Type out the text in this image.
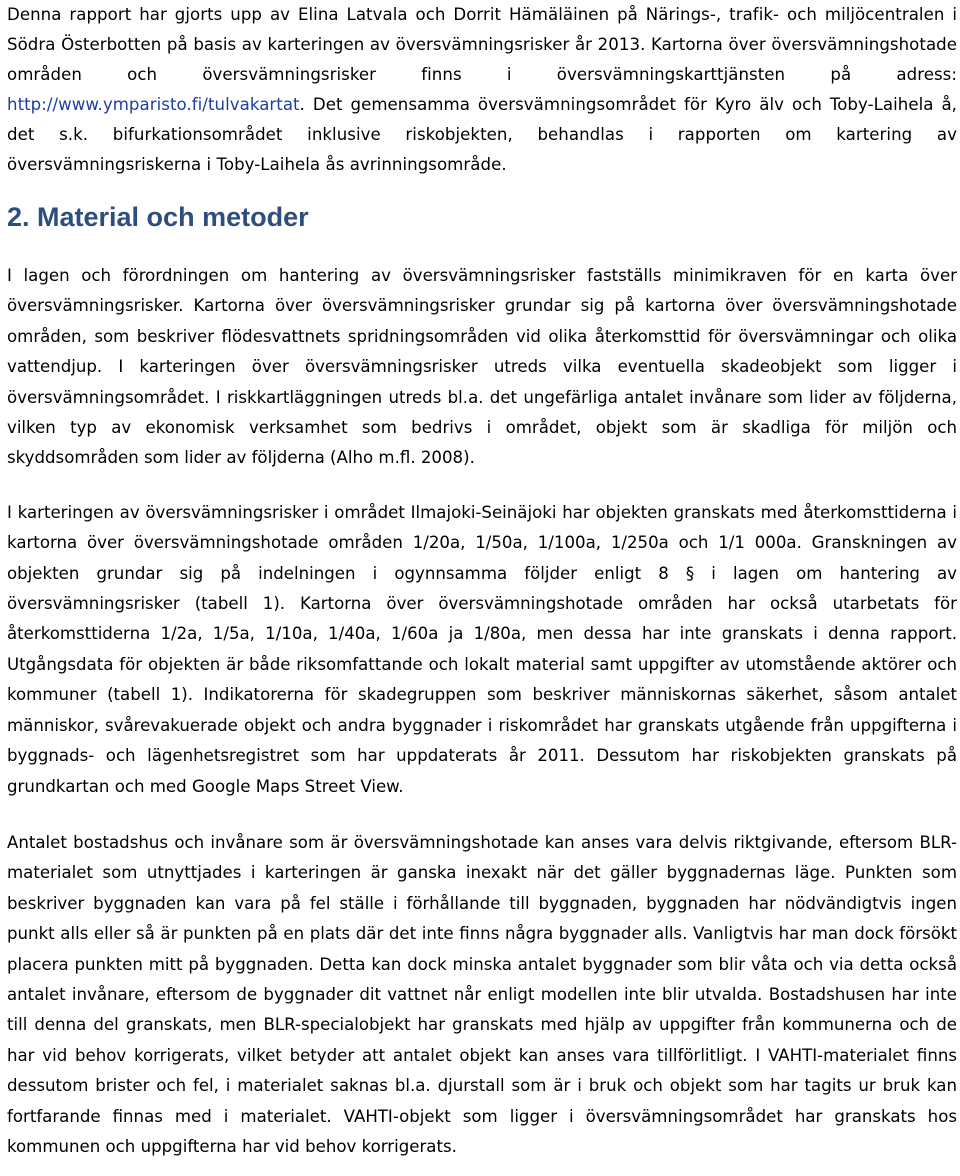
Denna rapport har gjorts upp av Elina Latvala och Dorrit Hämäläinen på Närings-, trafik- och miljöcentralen i Södra Österbotten på basis av karteringen av översvämningsrisker år 2013. Kartorna över översvämningshotade områden och översvämningsrisker finns i översvämningskarttjänsten på adress: http://www.ymparisto.fi/tulvakartat. Det gemensamma översvämningsområdet för Kyro älv och Toby-Laihela å, det s.k. bifurkationsområdet inklusive riskobjekten, behandlas i rapporten om kartering av översvämningsriskerna i Toby-Laihela ås avrinningsområde.

2. Material och metoder

I lagen och förordningen om hantering av översvämningsrisker fastställs minimikraven för en karta över översvämningsrisker. Kartorna över översvämningsrisker grundar sig på kartorna över översvämningshotade områden, som beskriver flödesvattnets spridningsområden vid olika återkomsttid för översvämningar och olika vattendjup. I karteringen över översvämningsrisker utreds vilka eventuella skadeobjekt som ligger i översvämningsområdet. I riskkartläggningen utreds bl.a. det ungefärliga antalet invånare som lider av följderna, vilken typ av ekonomisk verksamhet som bedrivs i området, objekt som är skadliga för miljön och skyddsområden som lider av följderna (Alho m.fl. 2008).

I karteringen av översvämningsrisker i området Ilmajoki-Seinäjoki har objekten granskats med återkomsttiderna i kartorna över översvämningshotade områden 1/20a, 1/50a, 1/100a, 1/250a och 1/1 000a. Granskningen av objekten grundar sig på indelningen i ogynnsamma följder enligt 8 § i lagen om hantering av översvämningsrisker (tabell 1). Kartorna över översvämningshotade områden har också utarbetats för återkomsttiderna 1/2a, 1/5a, 1/10a, 1/40a, 1/60a ja 1/80a, men dessa har inte granskats i denna rapport. Utgångsdata för objekten är både riksomfattande och lokalt material samt uppgifter av utomstående aktörer och kommuner (tabell 1). Indikatorerna för skadegruppen som beskriver människornas säkerhet, såsom antalet människor, svårevakuerade objekt och andra byggnader i riskområdet har granskats utgående från uppgifterna i byggnads- och lägenhetsregistret som har uppdaterats år 2011. Dessutom har riskobjekten granskats på grundkartan och med Google Maps Street View.

Antalet bostadshus och invånare som är översvämningshotade kan anses vara delvis riktgivande, eftersom BLR-materialet som utnyttjades i karteringen är ganska inexakt när det gäller byggnadernas läge. Punkten som beskriver byggnaden kan vara på fel ställe i förhållande till byggnaden, byggnaden har nödvändigtvis ingen punkt alls eller så är punkten på en plats där det inte finns några byggnader alls. Vanligtvis har man dock försökt placera punkten mitt på byggnaden. Detta kan dock minska antalet byggnader som blir våta och via detta också antalet invånare, eftersom de byggnader dit vattnet når enligt modellen inte blir utvalda. Bostadshusen har inte till denna del granskats, men BLR-specialobjekt har granskats med hjälp av uppgifter från kommunerna och de har vid behov korrigerats, vilket betyder att antalet objekt kan anses vara tillförlitligt. I VAHTI-materialet finns dessutom brister och fel, i materialet saknas bl.a. djurstall som är i bruk och objekt som har tagits ur bruk kan fortfarande finnas med i materialet. VAHTI-objekt som ligger i översvämningsområdet har granskats hos kommunen och uppgifterna har vid behov korrigerats.
